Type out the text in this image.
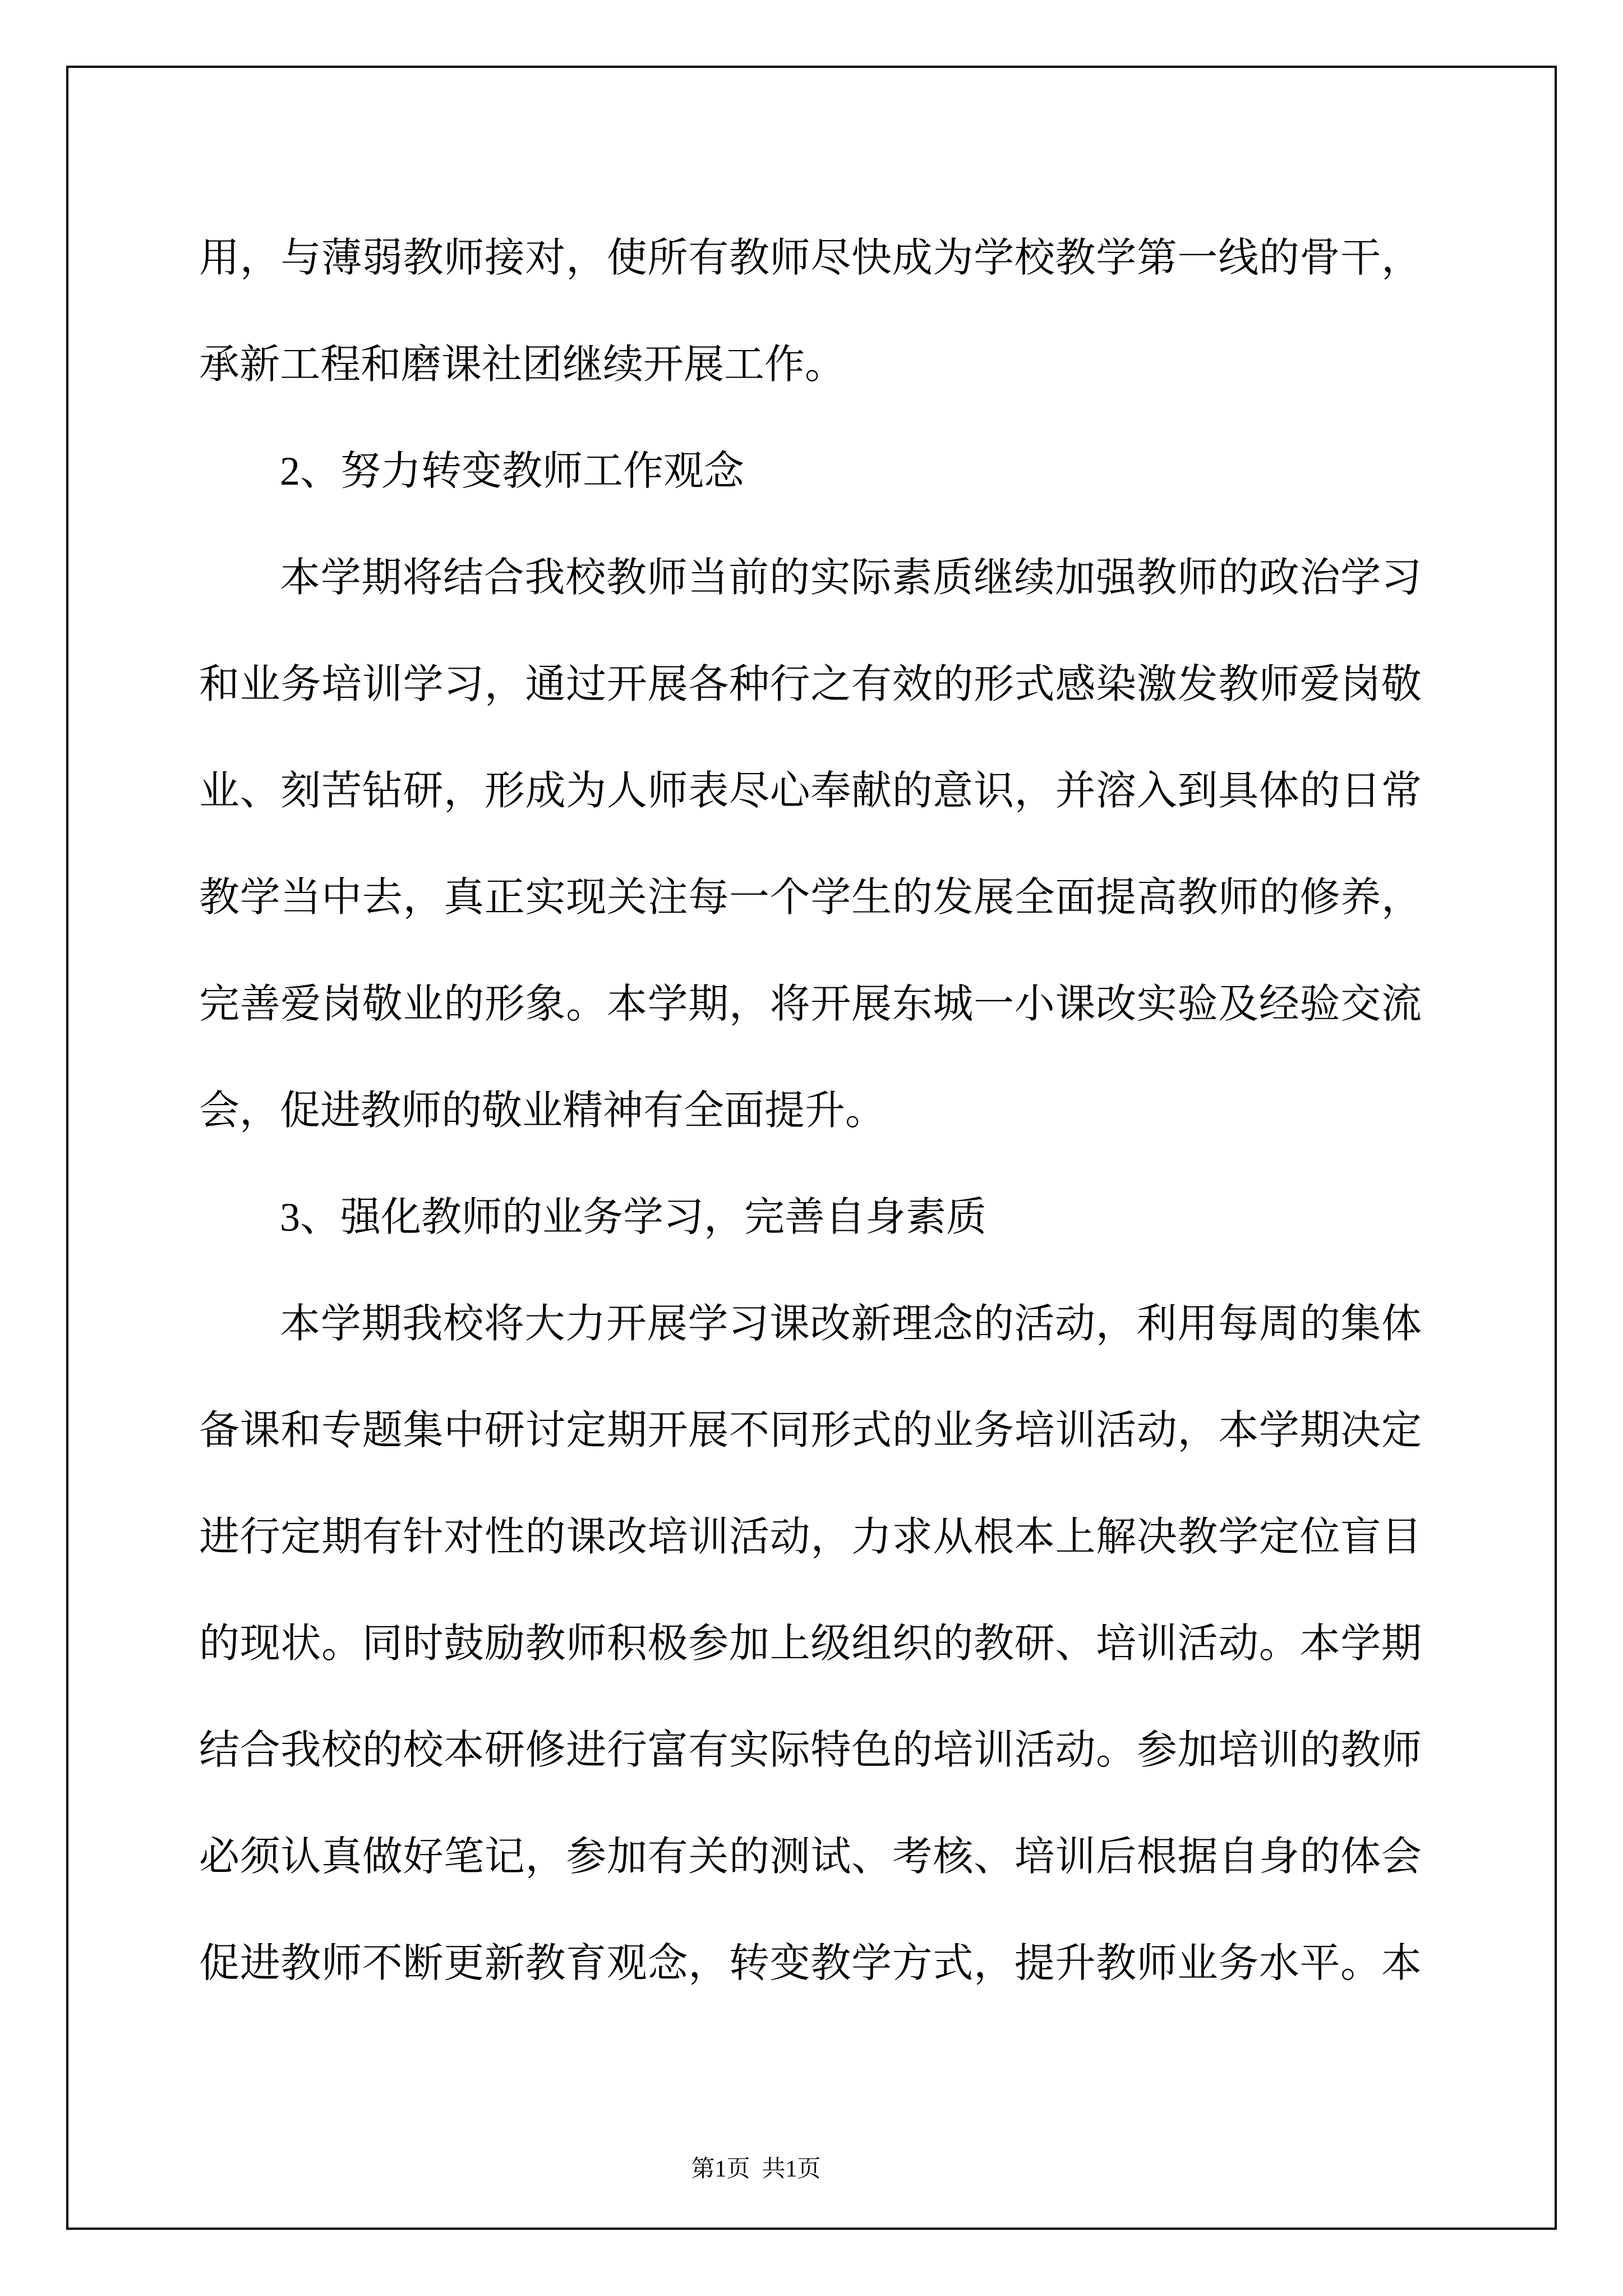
用，与薄弱教师接对，使所有教师尽快成为学校教学第一线的骨干，
承新工程和磨课社团继续开展工作。
2、努力转变教师工作观念
本学期将结合我校教师当前的实际素质继续加强教师的政治学习
和业务培训学习，通过开展各种行之有效的形式感染激发教师爱岗敬
业、刻苦钻研，形成为人师表尽心奉献的意识，并溶入到具体的日常
教学当中去，真正实现关注每一个学生的发展全面提高教师的修养，
完善爱岗敬业的形象。本学期，将开展东城一小课改实验及经验交流
会，促进教师的敬业精神有全面提升。
3、强化教师的业务学习，完善自身素质
本学期我校将大力开展学习课改新理念的活动，利用每周的集体
备课和专题集中研讨定期开展不同形式的业务培训活动，本学期决定
进行定期有针对性的课改培训活动，力求从根本上解决教学定位盲目
的现状。同时鼓励教师积极参加上级组织的教研、培训活动。本学期
结合我校的校本研修进行富有实际特色的培训活动。参加培训的教师
必须认真做好笔记，参加有关的测试、考核、培训后根据自身的体会
促进教师不断更新教育观念，转变教学方式，提升教师业务水平。本

第1页  共1页
